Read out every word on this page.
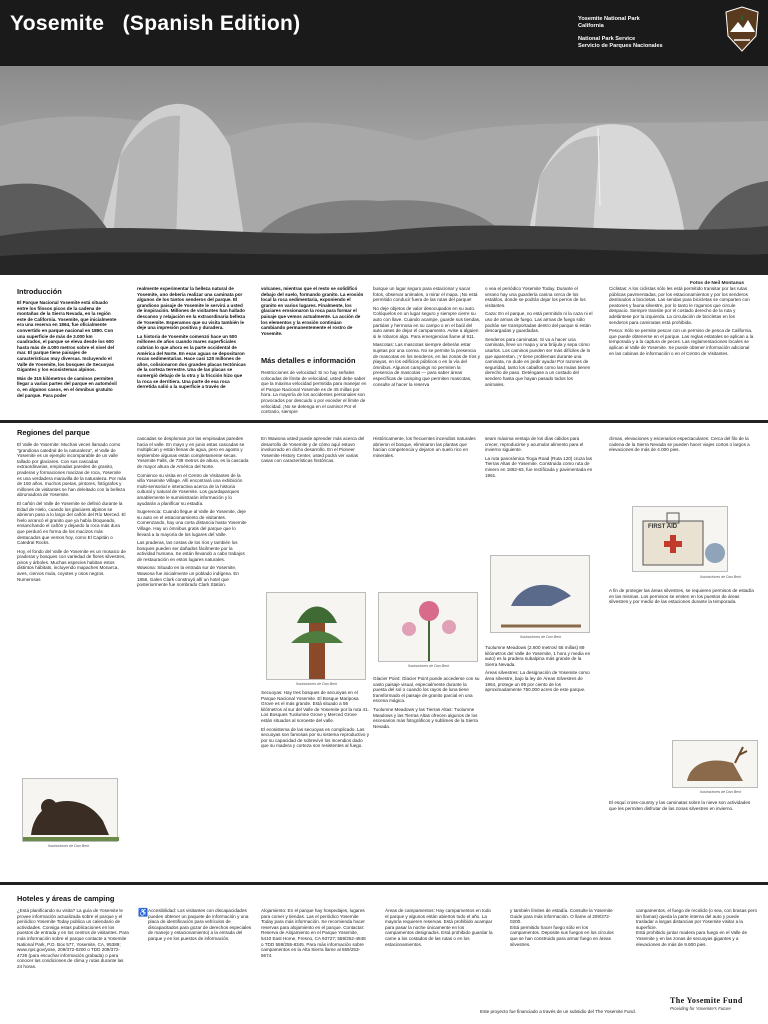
Yosemite   (Spanish Edition)	Yosemite National Park
California
National Park Service
Servicio de Parques Nacionales
Fotos de Neil Montanus
Introducción

El Parque Nacional Yosemite está situado entre los filosos picos de la cadena de montañas de la Sierra Nevada, en la región este de California. Yosemite, que inicialmente era una reserva en 1864, fue oficialmente convertido en parque nacional en 1890. Con una superficie de más de 3.000 km cuadrados, el parque se eleva desde los 600 hasta más de 4.000 metros sobre el nivel del mar. El parque tiene paisajes de características muy diversas. Incluyendo el Valle de Yosemite, los bosques de Secuoyas Gigantes y los ecosistemas alpinos.

Más de 315 kilómetros de caminos permiten llegar a varias partes del parque en automóvil o, en algunos casos, en el ómnibus gratuito del parque. Para poder

realmente experimentar la belleza natural de Yosemite, uno debería realizar una caminata por algunos de los tantos senderos del parque. El grandioso paisaje de Yosemite le servirá a usted de inspiración. Millones de visitantes han hallado descanso y relajación en la extraordinaria belleza de Yosemite. Esperamos que su visita también le deje una impresión positiva y duradera.

La historia de Yosemite comenzó hace un 500 millones de años cuando mares superficiales cubrían lo que ahora es la parte occidental de América del Norte. En esas aguas se depositaron rocas sedimentarias. Hace casi 120 millones de años, colisionaron dos grandes placas tectónicas de la corteza terrestre. Una de las placas se sumergió debajo de la otra y la fricción hizo que la roca se derritiera. Una parte de esa roca derretida salió a la superficie a través de

volcanes, mientras que el resto se solidificó debajo del suelo, formando granito. La erosión local la roca sedimentaria, exponiendo el granito en varios lugares. Finalmente, los glaciares erosionaron la roca para formar el paisaje que vemos actualmente. La acción de los elementos y la erosión continúan cambiando permanentemente el rostro de Yosemite.

Más detalles e información

Restricciones de velocidad: Si no hay señales colocadas de límite de velocidad, usted debe saber que la máxima velocidad permitida para manejar en el Parque Nacional Yosemite es de 45 millas por hora. La mayoría de los accidentes personales son provocados por descuido o por exceder el límite de velocidad. ¡No se detenga en el camino! Por el contrario, siempre

busque un lugar seguro para estacionar y sacar fotos, observar animales, o mirar el mapa. ¡No está permitido conducir fuera de las rutas del parque!

No deje objetos de valor desocupados en su auto. Colóquelos en un lugar seguro y siempre cierre su auto con llave. Cuando acampe, guarde sus tiendas, partidas y hermosa en su campo o en el baúl del auto antes de dejar el campamento. Avise a alguien si le robaron algo. Para emergencias llame al 911.

Mascotas: Las mascotas siempre deberán estar sujetas por una correa. No se permite la presencia de mascotas en los senderos, en las zonas de ríos y playas, en los edificios públicos o en la vía del ómnibus. Algunos campings no permiten la presencia de mascotas — para saber áreas específicas de camping que permiten mascotas, consulte al hacer la reserva

o vea el periódico Yosemite Today. Durante el verano hay una guardería canina cerca de los establos, donde se podrán dejar los perros de los visitantes.

Caza: En el parque, no está permitido ni la caza ni el uso de armas de fuego. Las armas de fuego sólo podrán ser transportadas dentro del parque si están descargadas y guardadas.

Senderos para caminatas: Si va a hacer una caminata, lleve un mapa y una brújula y sepa cómo usarlos. Los caminos pueden ser más difíciles de lo que aparentan. ¡Y tiene problemas durante una caminata, no dude en pedir ayuda! Por razones de seguridad, tanto los caballos como las mulas tienen derecho de paso. Deténgase a un costado del sendero hasta que hayan pasado todos los animales.

Ciclistas: A los ciclistas sólo les está permitido transitar por las rutas públicas pavimentadas, por los estacionamientos y por los senderos destinados a bicicletas. Las sendas para bicicletas se comparten con peatones y fauna silvestre, por lo tanto le rogamos que circule despacio. Siempre transite por el costado derecho de la ruta y adelántese por la izquierda. La circulación de bicicletas en los senderos para caminatas está prohibida.

Pesca: Sólo se permite pescar con un permiso de pesca de California, que puede obtenerse en el parque. Las reglas estatales se aplican a la temporada y a la captura de peces. Las reglamentaciones locales se aplican al Valle de Yosemite. Se puede obtener información adicional en las cabinas de información o en el Centro de Visitantes.

Regiones del parque

El Valle de Yosemite: Muchas veces llamado como "grandiosa catedral de la naturaleza", el Valle de Yosemite es un ejemplo incomparable de un valle tallado por glaciares. Con sus cascadas extraordinarias, empinadas paredes de granito, praderas y formaciones macizas de roca, Yosemite es una verdadera maravilla de la naturaleza. Por más de 150 años, muchos poetas, pintores, fotógrafos y millones de visitantes se han deleitado con la belleza abrumadora de Yosemite.

El cañón del Valle de Yosemite se definió durante la Edad de Hielo, cuando los glaciares alpinos se abrieron paso a lo largo del cañón del Río Merced. El hielo arrancó el granito que ya había bloqueado, ensanchando el cañón y dejando la roca más dura que perduró en forma de los macizos más destacados que vemos hoy, como El Capitán o Catedral Rocks.

Hoy, el fondo del Valle de Yosemite es un mosaico de praderas y bosques con variedad de flores silvestres, pinos y árboles. Muchas especies habitan estos distintos hábitats, incluyendo mapaches Monarca, aves, ciervos mula, coyotes y osos negros. Numerosas

Ilustraciones de Dan Berk

cascadas se desploman por las empinadas paredes hacia el valle. En mayo y en junio estas cascadas se multiplican y están llenas de agua, pero en agosto y septiembre algunas están completamente secas. Yosemite Falls, de 739 metros de altura, es la cascada de mayor altura de América del Norte.

Comience su visita en el Centro de Visitantes de la villa Yosemite Village. Allí encontrará una exhibición multi-sensorial e interactiva acerca de la historia cultural y natural de Yosemite. Los guardaparques amablemente le suministrarán información y lo ayudarán a planificar su estadía.

Sugerencia: Cuando llegue al Valle de Yosemite, deje su auto en el estacionamiento de visitantes. Comenzando, hay una corta distancia hasta Yosemite Village. Hay un ómnibus gratis del parque que lo llevará a la mayoría de los lugares del Valle.

Las praderas, las costas de los ríos y también los bosques pueden ser dañados fácilmente por la actividad humana. Se están llevando a cabo trabajos de restauración en estos lugares naturales.

Wawona: Situado en la entrada sur de Yosemite, Wawona fue inicialmente un poblado indígena. En 1856, Galen Clark construyó allí un hotel que posteriormente fue nombrado Clark Station.

En Wawona usted puede aprender más acerca del desarrollo de Yosemite y de cómo aquí estuvo involucrado en dicho desarrollo. En el Pioneer Yosemite History Center, usted podrá ver varias casas con características históricas.

Ilustraciones de Dan Berk

Secuoyas: Hay tres bosques de secuoyas en el Parque Nacional Yosemite. El Bosque Mariposa Grove es el más grande. Está situado a 56 kilómetros al sur del Valle de Yosemite por la ruta 41. Los Bosques Tuolumne Grove y Merced Grove están situados al noroeste del valle.

El ecosistema de las secuoyas es complicado. Las secuoyas son famosas por su sistema reproductivo y por su capacidad de sobrevivir los incendios dado que su madera y corteza son resistentes al fuego.

Históricamente, los frecuentes incendios naturales abrieron el bosque, eliminaron las plantas que hacían competencia y dejaron un suelo rico en minerales.

Ilustraciones de Dan Berk

Glacier Point: Glacier Point puede accederse con su vasto paisaje visual, especialmente durante la puesta del sol o cuando los rayos de luna tiene transformado el paisaje de granito parcial en una escena mágica.

Tuolumne Meadows y las Tierras Altas: Tuolumne Meadows y las Tierras Altas ofrecen algunos de los escenarios más fotográficos y sublimes de la Sierra Nevada.

seam máxima ventaja de los días cálidos para crecer, reproducirse y acumular alimento para el invierno siguiente.

La ruta panorámica Tioga Road (Ruta 120) cruza las Tierras Altas de Yosemite. Construida como ruta de minero en 1882-83, fue rectificada y pavimentada en 1961.

Ilustraciones de Dan Berk

Tuolumne Meadows (2.600 metros/ 55 millas) 89 kilómetros del Valle de Yosemite, 1 hora y media en auto) es la pradera subalpina más grande de la Sierra Nevada.

Áreas silvestres: La designación de Yosemite como área silvestre, bajo la ley de Áreas Silvestres de 1964, protege un 95 por ciento de los aproximadamente 750.000 acres de este parque.

climas, elevaciones y escenarios espectaculares. Cerca del filo de la cadena de la Sierra Nevada se pueden hacer viajes cortos o largos a elevaciones de más de 4.000 pies.

FIRST AID
Ilustraciones de Dan Berk

A fin de proteger las áreas silvestres, se requieren permisos de estadía en las mismas. Los permisos se emiten en los puestos de áreas silvestres y por medio de las estaciones durante la temporada.

Ilustraciones de Dan Berk

El esquí cross-country y las caminatas sobre la nieve son actividades que les permiten disfrutar de las zonas silvestres en invierno.

Hoteles y áreas de camping
¿Está planificando su visita? La guía de Yosemite le provee información actualizada sobre el parque y el periódico Yosemite Today publica un calendario de actividades. Consiga estas publicaciones en los puestos de entrada y en los centros de visitantes. Para más información sobre el parque contacte a Yosemite National Park, P.O. Box 577, Yosemite, CA, 95389; www.nps.gov/yose, 209/372-0200 o TDD 209/372-4726 (para escuchar información grabada) o para conocer las condiciones de clima y rutas durante las 24 horas.
♿ Accesibilidad: Los visitantes con discapacidades pueden obtener un paquete de información y una placa de identificación para vehículos de discapacitados para gozar de derechos especiales de manejo y estacionamiento) a la entrada del parque y en los puestos de información.
Alojamiento: En el parque hay hospedajes, lugares para comer y tiendas. Las el periódico Yosemite Today para más información. Se recomienda hacer reservas para alojamiento en el parque. Contactar: Reserva de Alojamiento en el Parque Yosemite, 5410 East Home, Fresno, CA 93727; 559/252-4848 o TDD 559/255-8345. Para más información sobre campamentos en la Alta Sierra llame al 559/253-5674.
Áreas de campamentos: Hay campamentos en todo el parque y algunos están abiertos todo el año. La mayoría requieren reservas. Está prohibido acampar para pasar la noche únicamente en los campamentos designados. Está prohibido guardar la carne a los costados de las rutas o en los estacionamientos.
y también límites de estadía. Consulte la Yosemite Guide para más información. O llame al 209/372-0200.
Está permitido hacer fuego sólo en los campamentos. Deposite sus fuegos en los círculos que se han construido para armar fuego en áreas silvestres.
campamentos, el fuego de recolido (o sea, con brasas pero sin llamas) queda la parte interna del auto y puede trasladar a largas distancias por Yosemite visitar a la superficie.
Está prohibido juntar madera para fuego en el Valle de Yosemite y en las zonas de secuoyas gigantes y a elevaciones de más de 9.600 pies.
Este proyecto fue financiado a través de un subsidio del The Yosemite Fund.
The Yosemite Fund
Providing for Yosemite's Future
